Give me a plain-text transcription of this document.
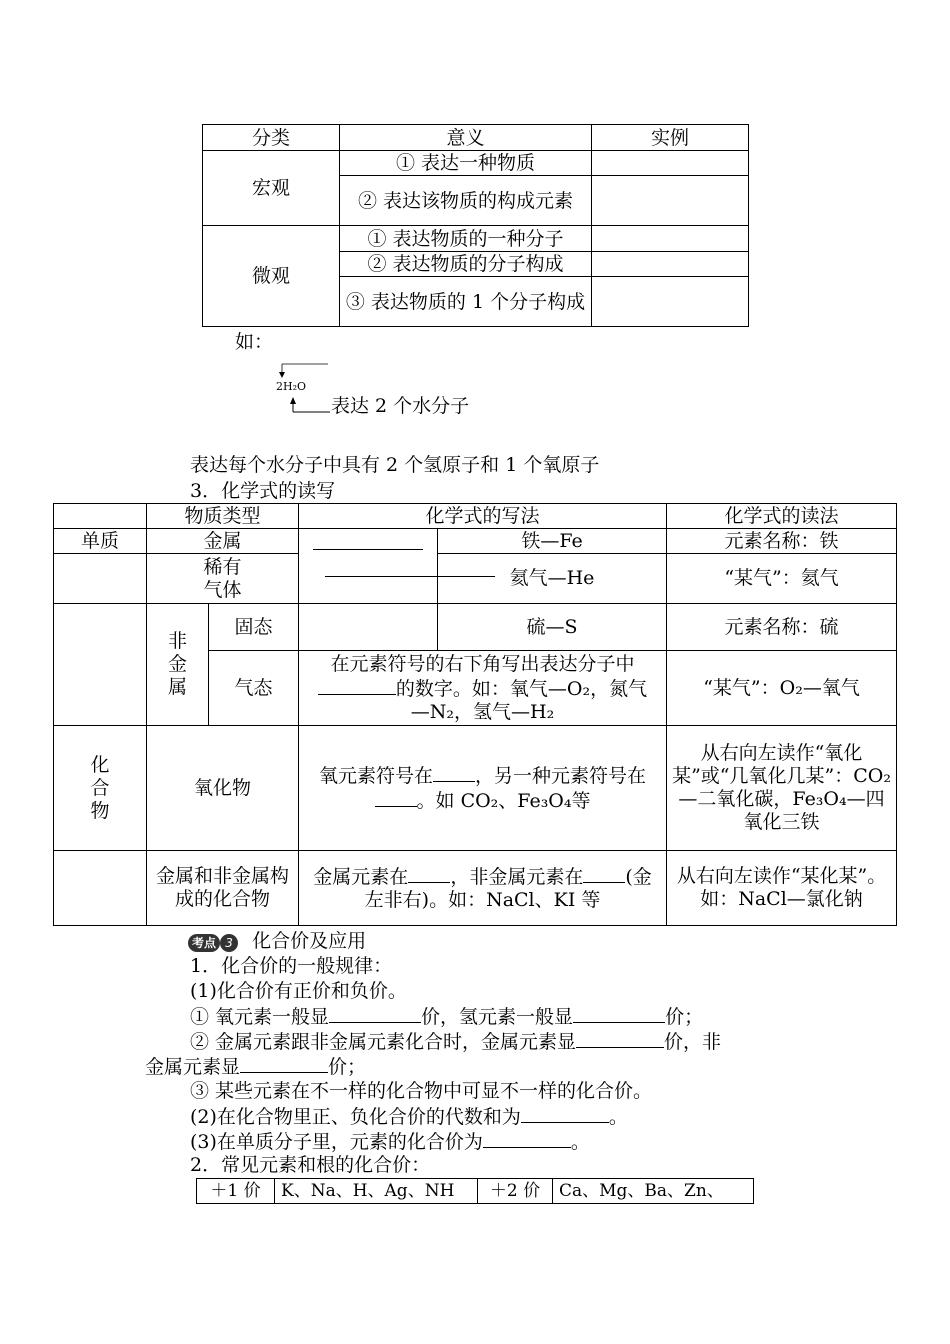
分类	意义	实例
宏观	① 表达一种物质	
	② 表达该物质的构成元素	
微观	① 表达物质的一种分子	
	② 表达物质的分子构成	
	③ 表达物质的 1 个分子构成	
如：
2H₂O
表达 2 个水分子
表达每个水分子中具有 2 个氢原子和 1 个氧原子
3．化学式的读写
	物质类型		化学式的写法		化学式的读法
单质	金属			铁—Fe	元素名称：铁

	稀有气体			氦气—He	“某气”：氦气

	非金属	固态		硫—S	元素名称：硫
		气态	在元素符号的右下角写出表达分子中的数字。如：氧气—O₂，氮气—N₂，氢气—H₂		“某气”：O₂—氧气

化合物	氧化物		氧元素符号在 ，另一种元素符号在。如 CO₂、Fe₃O₄等		从右向左读作“氧化某”或“几氧化几某”：CO₂—二氧化碳，Fe₃O₄—四氧化三铁
	金属和非金属构成的化合物		金属元素在 ，非金属元素在 (金左非右)。如：NaCl、KI 等		从右向左读作“某化某”。如：NaCl—氯化钠
考点 3 化合价及应用
1．化合价的一般规律：
(1)化合价有正价和负价。
① 氧元素一般显	价，氢元素一般显	价；
② 金属元素跟非金属元素化合时，金属元素显	价，非
金属元素显	价；
③ 某些元素在不一样的化合物中可显不一样的化合价。
(2)在化合物里正、负化合价的代数和为	。
(3)在单质分子里，元素的化合价为	。
2．常见元素和根的化合价：
＋1 价	K、Na、H、Ag、NH	＋2 价	Ca、Mg、Ba、Zn、
